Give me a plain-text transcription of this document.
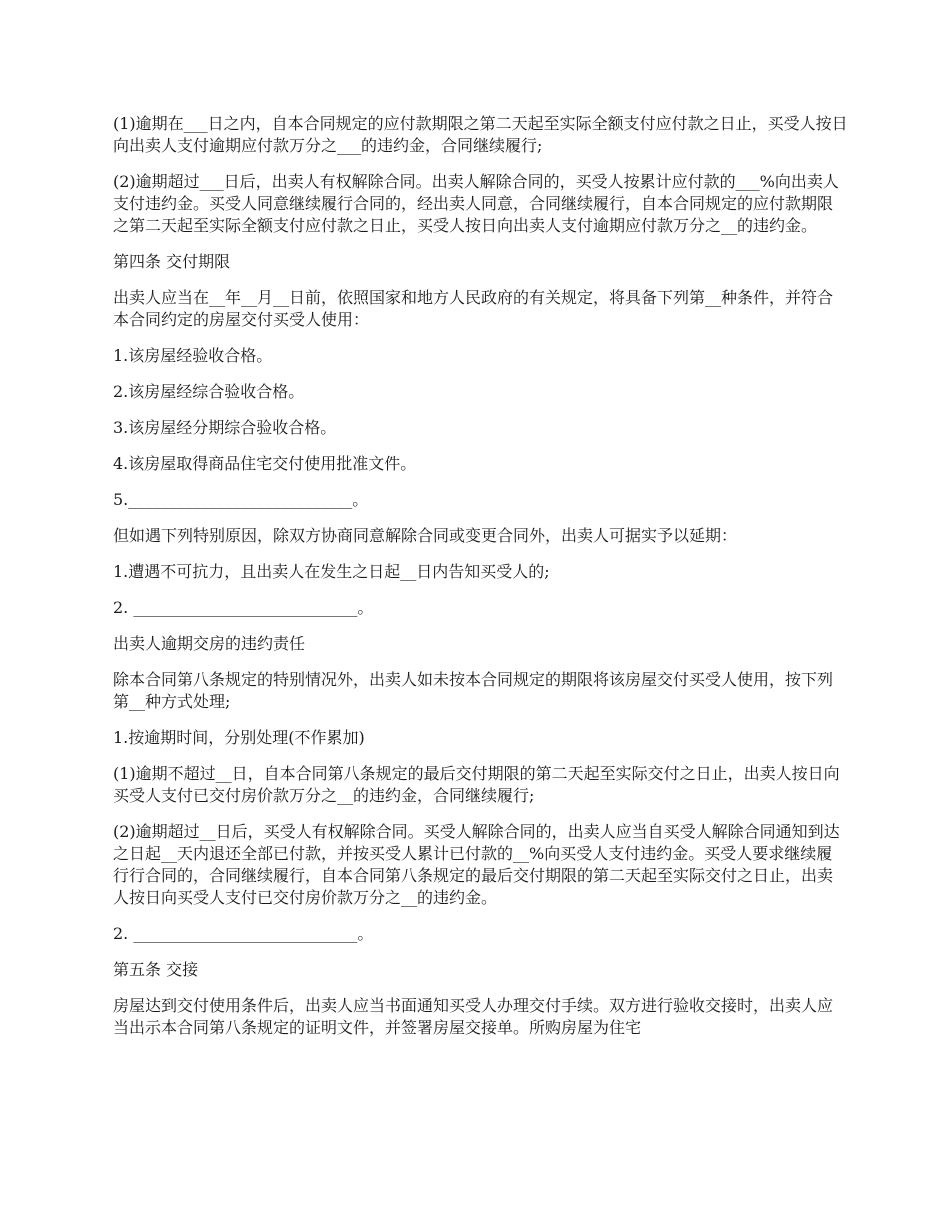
(1)逾期在___日之内，自本合同规定的应付款期限之第二天起至实际全额支付应付款之日止，买受人按日向出卖人支付逾期应付款万分之___的违约金，合同继续履行;

(2)逾期超过___日后，出卖人有权解除合同。出卖人解除合同的，买受人按累计应付款的___%向出卖人支付违约金。买受人同意继续履行合同的，经出卖人同意，合同继续履行，自本合同规定的应付款期限之第二天起至实际全额支付应付款之日止，买受人按日向出卖人支付逾期应付款万分之__的违约金。

第四条 交付期限

出卖人应当在__年__月__日前，依照国家和地方人民政府的有关规定，将具备下列第__种条件，并符合本合同约定的房屋交付买受人使用：

1.该房屋经验收合格。

2.该房屋经综合验收合格。

3.该房屋经分期综合验收合格。

4.该房屋取得商品住宅交付使用批准文件。

5.____________________________。

但如遇下列特别原因，除双方协商同意解除合同或变更合同外，出卖人可据实予以延期：

1.遭遇不可抗力，且出卖人在发生之日起__日内告知买受人的;

2. ____________________________。

出卖人逾期交房的违约责任

除本合同第八条规定的特别情况外，出卖人如未按本合同规定的期限将该房屋交付买受人使用，按下列第__种方式处理;

1.按逾期时间，分别处理(不作累加)

(1)逾期不超过__日，自本合同第八条规定的最后交付期限的第二天起至实际交付之日止，出卖人按日向买受人支付已交付房价款万分之__的违约金，合同继续履行;

(2)逾期超过__日后，买受人有权解除合同。买受人解除合同的，出卖人应当自买受人解除合同通知到达之日起__天内退还全部已付款，并按买受人累计已付款的__%向买受人支付违约金。买受人要求继续履行行合同的，合同继续履行，自本合同第八条规定的最后交付期限的第二天起至实际交付之日止，出卖人按日向买受人支付已交付房价款万分之__的违约金。

2. ____________________________。

第五条 交接

房屋达到交付使用条件后，出卖人应当书面通知买受人办理交付手续。双方进行验收交接时，出卖人应当出示本合同第八条规定的证明文件，并签署房屋交接单。所购房屋为住宅
